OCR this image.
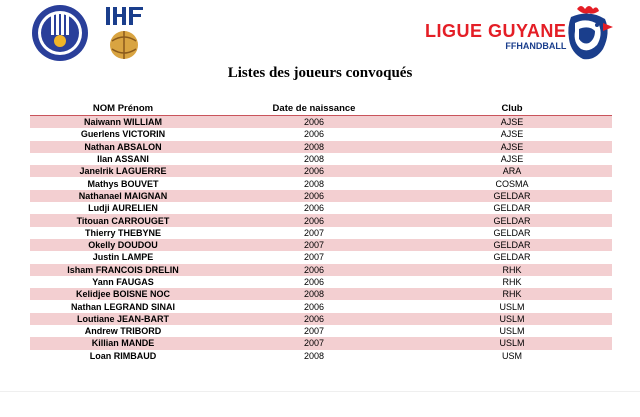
LIGUE GUYANE
FFHANDBALL
Listes des joueurs convoqués
NOM Prénom	Date de naissance	Club
Naiwann WILLIAM	2006	AJSE
Guerlens VICTORIN	2006	AJSE
Nathan ABSALON	2008	AJSE
Ilan ASSANI	2008	AJSE
Janelrik LAGUERRE	2006	ARA
Mathys BOUVET	2008	COSMA
Nathanael MAIGNAN	2006	GELDAR
Ludji AURELIEN	2006	GELDAR
Titouan CARROUGET	2006	GELDAR
Thierry THEBYNE	2007	GELDAR
Okelly DOUDOU	2007	GELDAR
Justin LAMPE	2007	GELDAR
Isham FRANCOIS DRELIN	2006	RHK
Yann FAUGAS	2006	RHK
Kelidjee BOISNE NOC	2008	RHK
Nathan LEGRAND SINAI	2006	USLM
Loutiane JEAN-BART	2006	USLM
Andrew TRIBORD	2007	USLM
Killian MANDE	2007	USLM
Loan RIMBAUD	2008	USM
